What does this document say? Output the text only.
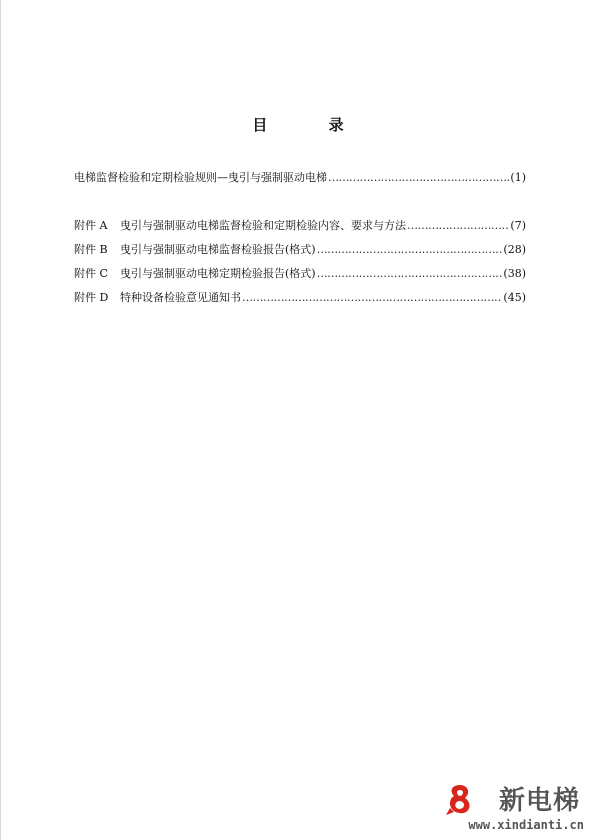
目 录
电梯监督检验和定期检验规则—曳引与强制驱动电梯 …………………………………………………………………………………………………………………………………………………………………………………………	(1)
附件 A	曳引与强制驱动电梯监督检验和定期检验内容、要求与方法 …………………………………………………………………………………………………………………………………………………………………………………………	(7)
附件 B	曳引与强制驱动电梯监督检验报告(格式) …………………………………………………………………………………………………………………………………………………………………………………………	(28)
附件 C	曳引与强制驱动电梯定期检验报告(格式) …………………………………………………………………………………………………………………………………………………………………………………………	(38)
附件 D	特种设备检验意见通知书 …………………………………………………………………………………………………………………………………………………………………………………………	(45)
新电梯
www.xindianti.cn
